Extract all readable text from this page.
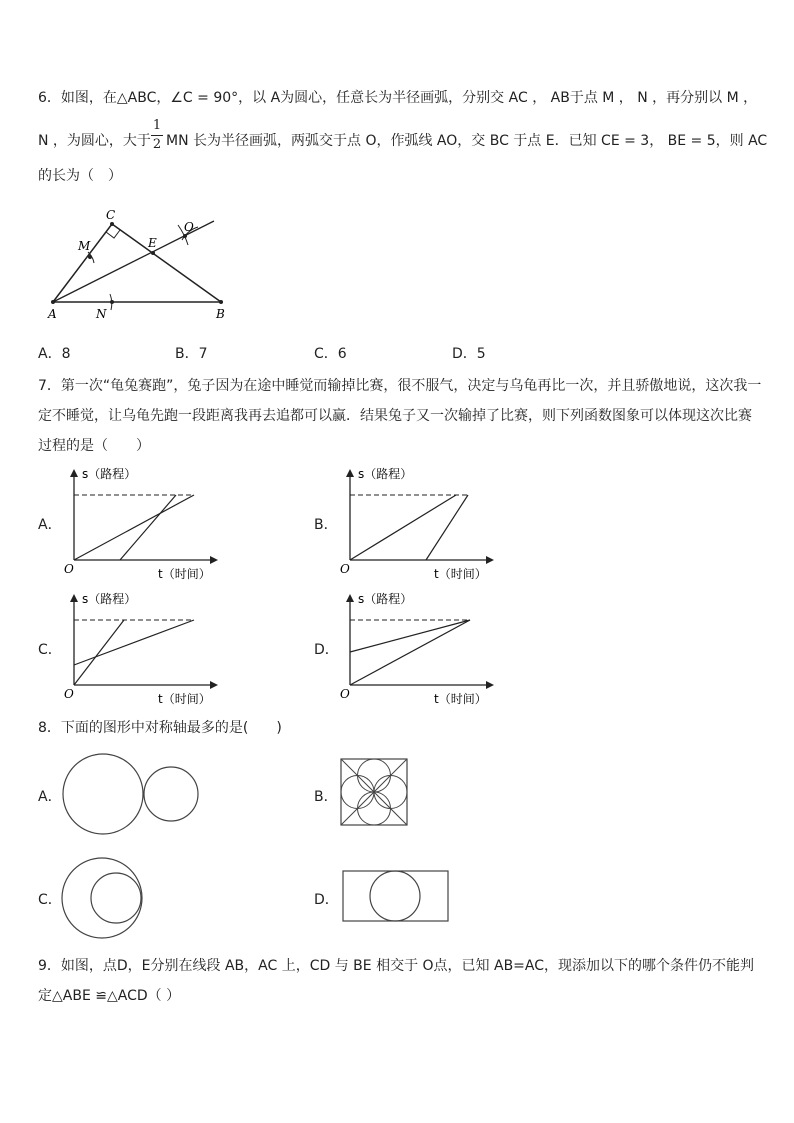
6．如图，在△ABC，∠C = 90°，以 A为圆心，任意长为半径画弧，分别交 AC ， AB于点 M ， N ，再分别以 M ，
N ，为圆心，大于
1
2 MN 长为半径画弧，两弧交于点 O，作弧线 AO，交 BC 于点 E．已知 CE = 3， BE = 5，则 AC
的长为（　）
C
M	E
O
A	N	B
A．8	B．7	C．6	D．5
7．第一次“龟兔赛跑”，兔子因为在途中睡觉而输掉比赛，很不服气，决定与乌龟再比一次，并且骄傲地说，这次我一
定不睡觉，让乌龟先跑一段距离我再去追都可以赢．结果兔子又一次输掉了比赛，则下列函数图象可以体现这次比赛
过程的是（　　）
A．	B．
C．	D．
s（路程）
t（时间）
O
s（路程）
t（时间）
O
s（路程）
t（时间）
O
s（路程）
t（时间）
O
8．下面的图形中对称轴最多的是(　　)
A．	B．
C．	D．
9．如图，点D，E分别在线段 AB，AC 上，CD 与 BE 相交于 O点，已知 AB=AC，现添加以下的哪个条件仍不能判
定△ABE ≌△ACD（ ）
